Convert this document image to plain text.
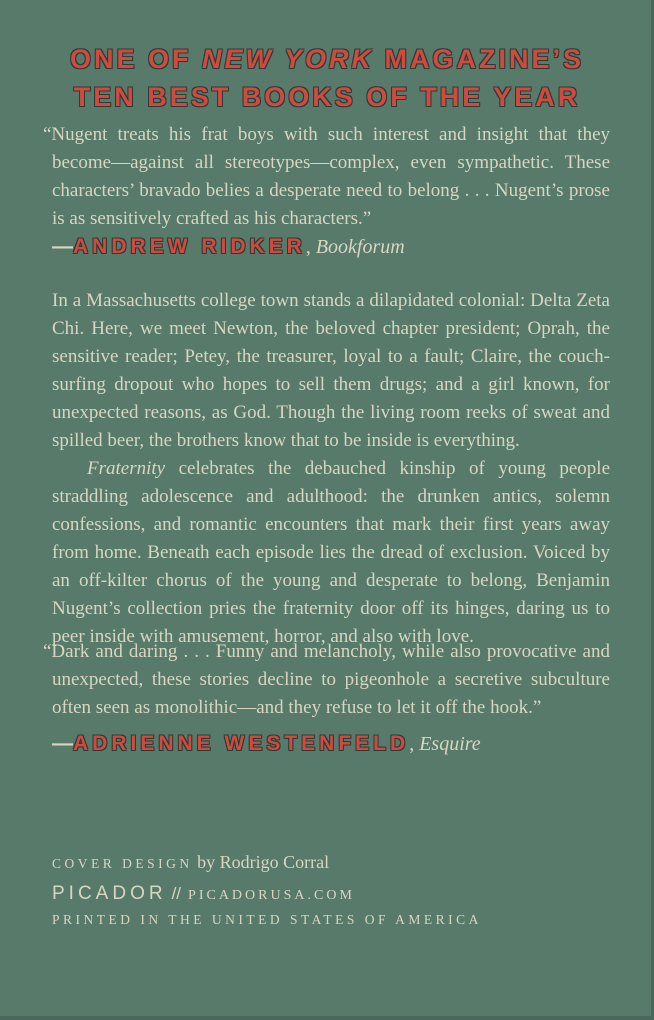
ONE OF NEW YORK MAGAZINE’S
TEN BEST BOOKS OF THE YEAR

“Nugent treats his frat boys with such interest and insight that they become—against all stereotypes—complex, even sympathetic. These characters’ bravado belies a desperate need to belong . . . Nugent’s prose is as sensitively crafted as his characters.”

—ANDREW RIDKER, Bookforum

In a Massachusetts college town stands a dilapidated colonial: Delta Zeta Chi. Here, we meet Newton, the beloved chapter president; Oprah, the sensitive reader; Petey, the treasurer, loyal to a fault; Claire, the couch-surfing dropout who hopes to sell them drugs; and a girl known, for unexpected reasons, as God. Though the living room reeks of sweat and spilled beer, the brothers know that to be inside is everything.

Fraternity celebrates the debauched kinship of young people straddling adolescence and adulthood: the drunken antics, solemn confessions, and romantic encounters that mark their first years away from home. Beneath each episode lies the dread of exclusion. Voiced by an off-kilter chorus of the young and desperate to belong, Benjamin Nugent’s collection pries the fraternity door off its hinges, daring us to peer inside with amusement, horror, and also with love.

“Dark and daring . . . Funny and melancholy, while also provocative and unexpected, these stories decline to pigeonhole a secretive subculture often seen as monolithic—and they refuse to let it off the hook.”

—ADRIENNE WESTENFELD, Esquire
COVER DESIGN by Rodrigo Corral
PICADOR // PICADORUSA.COM
PRINTED IN THE UNITED STATES OF AMERICA
